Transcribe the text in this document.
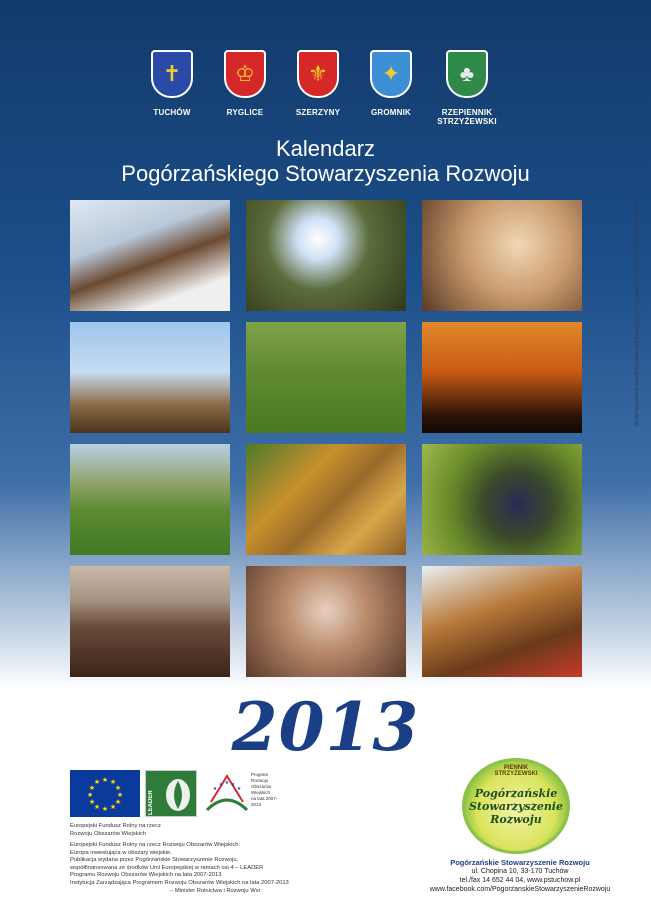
✝
TUCHÓW
♔
RYGLICE
⚜
SZERZYNY
✦
GROMNIK
♣
RZEPIENNIK
STRZYŻEWSKI
Kalendarz
Pogórzańskiego Stowarzyszenia Rozwoju
Fotografie: Wiktor Chorzewski | Projekt i druk: INSTUDIO Mirosław Dydyński www.instudio.pl
2013
★ ★
★
★
★
★
★
★
★
★
★
★
LEADER
★
★
★
★ ★
Program
Rozwoju
Obszarów
Wiejskich
na lata 2007-2013
Europejski Fundusz Rolny na rzecz
Rozwoju Obszarów Wiejskich
Europejski Fundusz Rolny na rzecz Rozwoju Obszarów Wiejskich:
Europa inwestująca w obszary wiejskie.
Publikacja wydana przez Pogórzańskie Stowarzyszenie Rozwoju,
współfinansowana ze środków Unii Europejskiej w ramach osi 4 – LEADER
Programu Rozwoju Obszarów Wiejskich na lata 2007-2013
Instytucja Zarządzająca Programem Rozwoju Obszarów Wiejskich na lata 2007-2013
– Minister Rolnictwa i Rozwoju Wsi
PIENNIK STRZYŻEWSKI
Pogórzańskie
Stowarzyszenie
Rozwoju
Pogórzańskie Stowarzyszenie Rozwoju
ul. Chopina 10, 33-170 Tuchów
tel./fax 14 652 44 04, www.pstuchow.pl
www.facebook.com/PogorzanskieStowarzyszenieRozwoju
